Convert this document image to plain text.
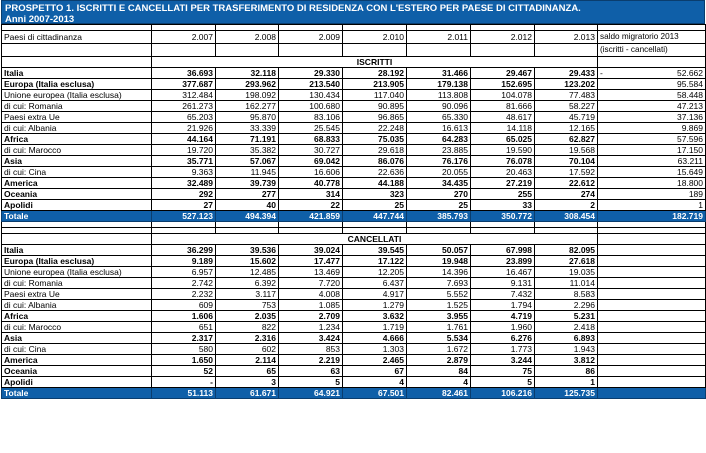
PROSPETTO 1. ISCRITTI E CANCELLATI PER TRASFERIMENTO DI RESIDENZA CON L'ESTERO PER PAESE DI CITTADINANZA.
Anni 2007-2013

Paesi di cittadinanza	2.007	2.008	2.009	2.010	2.011	2.012	2.013	saldo migratorio 2013
								(iscritti - cancellati)
	ISCRITTI							
Italia	36.693	32.118	29.330	28.192	31.466	29.467	29.433	- 52.662
Europa (Italia esclusa)	377.687	293.962	213.540	213.905	179.138	152.695	123.202	95.584
Unione europea (Italia esclusa)	312.484	198.092	130.434	117.040	113.808	104.078	77.483	58.448
di cui: Romania	261.273	162.277	100.680	90.895	90.096	81.666	58.227	47.213
Paesi extra Ue	65.203	95.870	83.106	96.865	65.330	48.617	45.719	37.136
di cui: Albania	21.926	33.339	25.545	22.248	16.613	14.118	12.165	9.869
Africa	44.164	71.191	68.833	75.035	64.283	65.025	62.827	57.596
di cui: Marocco	19.720	35.382	30.727	29.618	23.885	19.590	19.568	17.150
Asia	35.771	57.067	69.042	86.076	76.176	76.078	70.104	63.211
di cui: Cina	9.363	11.945	16.606	22.636	20.055	20.463	17.592	15.649
America	32.489	39.739	40.778	44.188	34.435	27.219	22.612	18.800
Oceania	292	277	314	323	270	255	274	189
Apolidi	27	40	22	25	25	33	2	1
Totale	527.123	494.394	421.859	447.744	385.793	350.772	308.454	182.719

	CANCELLATI							
Italia	36.299	39.536	39.024	39.545	50.057	67.998	82.095	
Europa (Italia esclusa)	9.189	15.602	17.477	17.122	19.948	23.899	27.618	
Unione europea (Italia esclusa)	6.957	12.485	13.469	12.205	14.396	16.467	19.035	
di cui: Romania	2.742	6.392	7.720	6.437	7.693	9.131	11.014	
Paesi extra Ue	2.232	3.117	4.008	4.917	5.552	7.432	8.583	
di cui: Albania	609	753	1.085	1.279	1.525	1.794	2.296	
Africa	1.606	2.035	2.709	3.632	3.955	4.719	5.231	
di cui: Marocco	651	822	1.234	1.719	1.761	1.960	2.418	
Asia	2.317	2.316	3.424	4.666	5.534	6.276	6.893	
di cui: Cina	580	602	853	1.303	1.672	1.773	1.943	
America	1.650	2.114	2.219	2.465	2.879	3.244	3.812	
Oceania	52	65	63	67	84	75	86	
Apolidi	-	3	5	4	4	5	1	
Totale	51.113	61.671	64.921	67.501	82.461	106.216	125.735	
